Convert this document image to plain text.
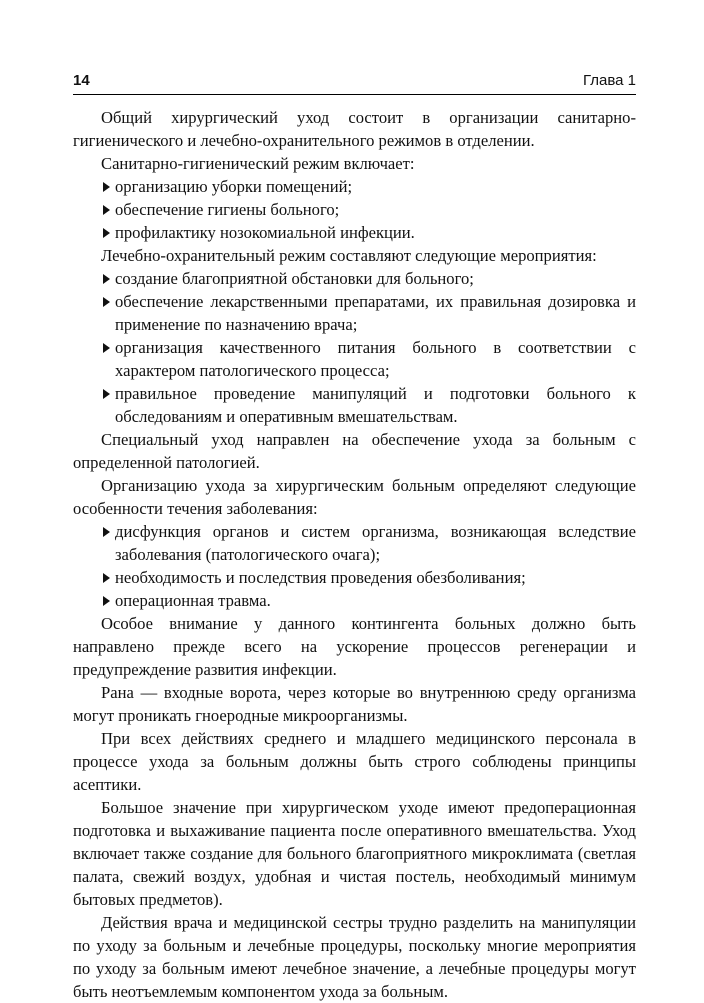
14	Глава 1

Общий хирургический уход состоит в организации санитарно-гигиенического и лечебно-охранительного режимов в отделении.

Санитарно-гигиенический режим включает:

организацию уборки помещений;
обеспечение гигиены больного;
профилактику нозокомиальной инфекции.

Лечебно-охранительный режим составляют следующие мероприятия:

создание благоприятной обстановки для больного;
обеспечение лекарственными препаратами, их правильная дозировка и применение по назначению врача;
организация качественного питания больного в соответствии с характером патологического процесса;
правильное проведение манипуляций и подготовки больного к обследованиям и оперативным вмешательствам.

Специальный уход направлен на обеспечение ухода за больным с определенной патологией.

Организацию ухода за хирургическим больным определяют следующие особенности течения заболевания:

дисфункция органов и систем организма, возникающая вследствие заболевания (патологического очага);
необходимость и последствия проведения обезболивания;
операционная травма.

Особое внимание у данного контингента больных должно быть направлено прежде всего на ускорение процессов регенерации и предупреждение развития инфекции.

Рана — входные ворота, через которые во внутреннюю среду организма могут проникать гноеродные микроорганизмы.

При всех действиях среднего и младшего медицинского персонала в процессе ухода за больным должны быть строго соблюдены принципы асептики.

Большое значение при хирургическом уходе имеют предоперационная подготовка и выхаживание пациента после оперативного вмешательства. Уход включает также создание для больного благоприятного микроклимата (светлая палата, свежий воздух, удобная и чистая постель, необходимый минимум бытовых предметов).

Действия врача и медицинской сестры трудно разделить на манипуляции по уходу за больным и лечебные процедуры, поскольку многие мероприятия по уходу за больным имеют лечебное значение, а лечебные процедуры могут быть неотъемлемым компонентом ухода за больным.
